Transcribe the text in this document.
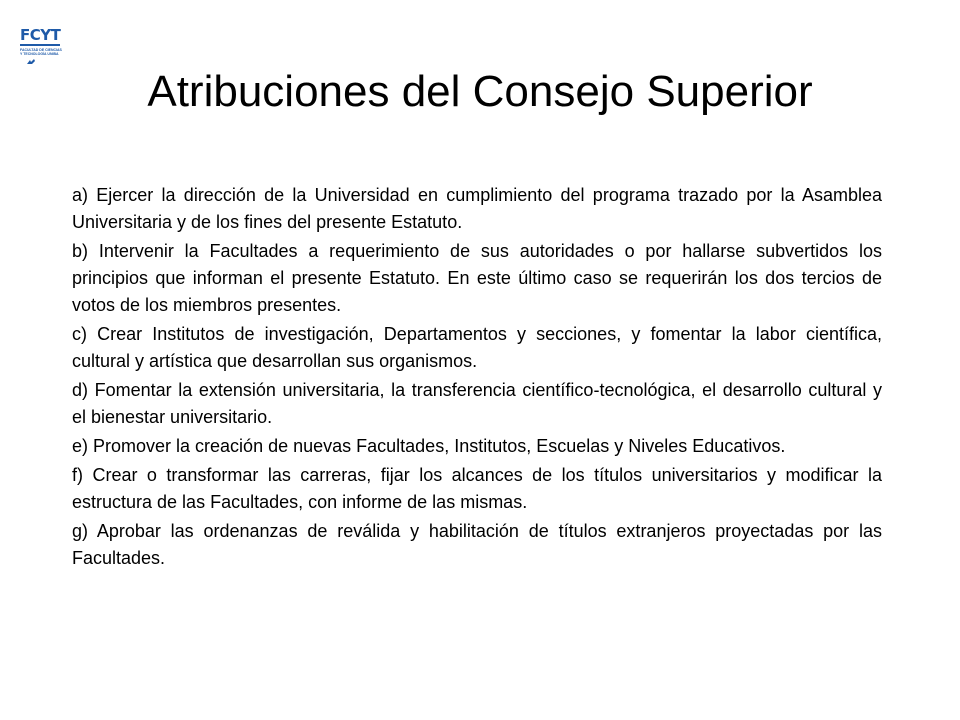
FCYT
FACULTAD DE CIENCIAS Y TECNOLOGÍA UNIBA
Atribuciones del Consejo Superior

a) Ejercer la dirección de la Universidad en cumplimiento del programa trazado por la Asamblea Universitaria y de los fines del presente Estatuto.

b) Intervenir la Facultades a requerimiento de sus autoridades o por hallarse subvertidos los principios que informan el presente Estatuto. En este último caso se requerirán los dos tercios de votos de los miembros presentes.

c) Crear Institutos de investigación, Departamentos y secciones, y fomentar la labor científica, cultural y artística que desarrollan sus organismos.

d) Fomentar la extensión universitaria, la transferencia científico-tecnológica, el desarrollo cultural y el bienestar universitario.

e) Promover la creación de nuevas Facultades, Institutos, Escuelas y Niveles Educativos.

f) Crear o transformar las carreras, fijar los alcances de los títulos universitarios y modificar la estructura de las Facultades, con informe de las mismas.

g) Aprobar las ordenanzas de reválida y habilitación de títulos extranjeros proyectadas por las Facultades.
